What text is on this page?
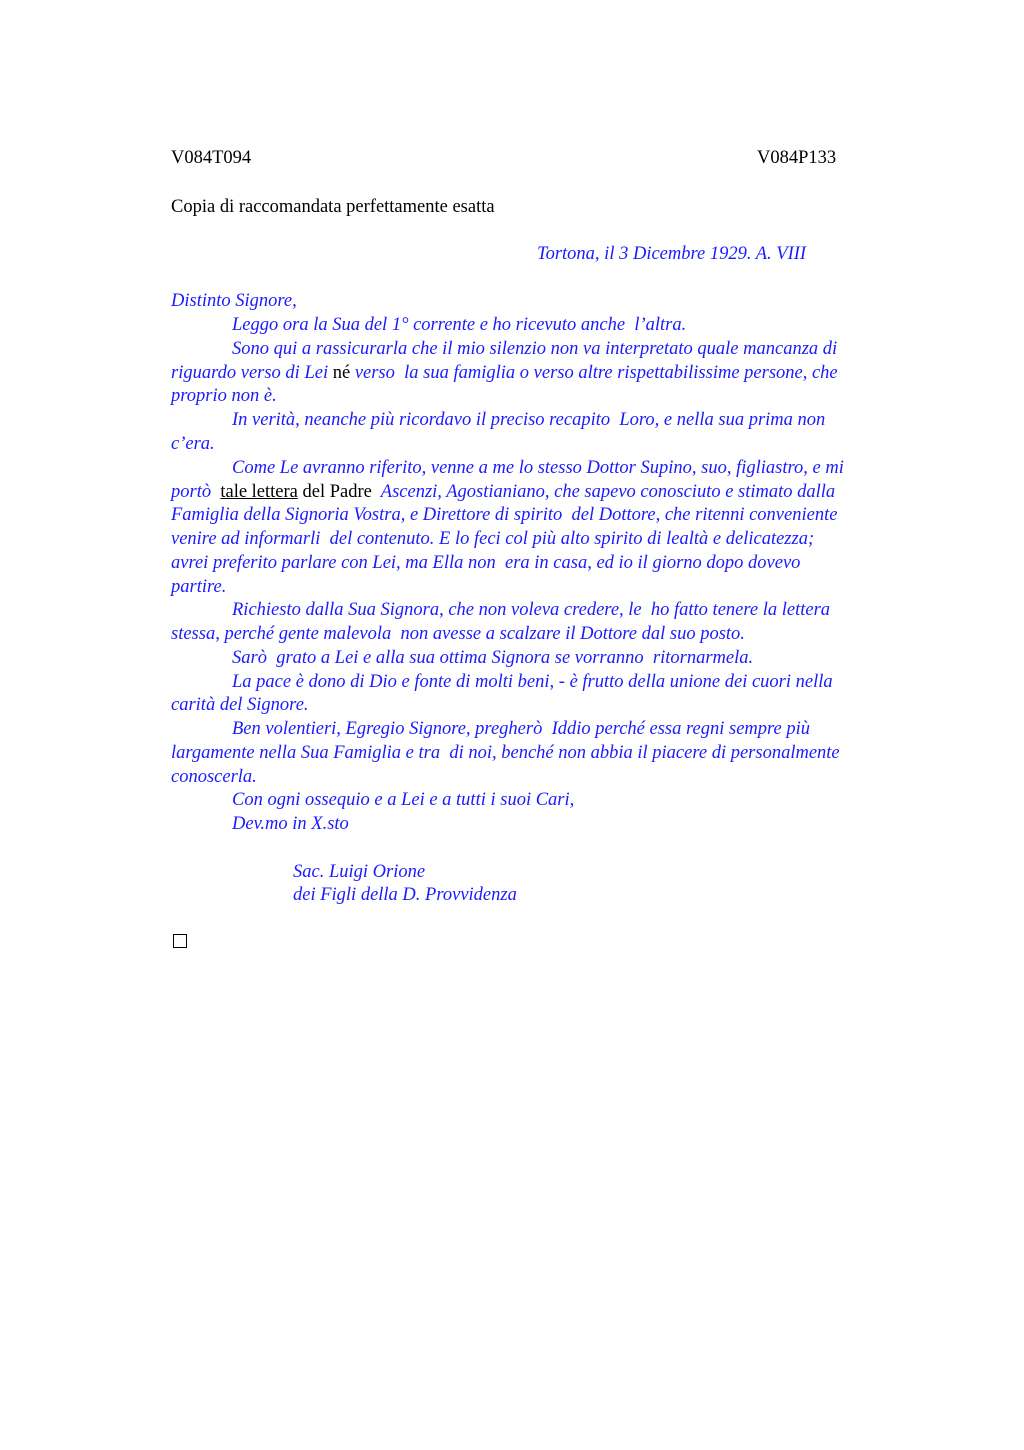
V084T094	V084P133

Copia di raccomandata perfettamente esatta

Tortona, il 3 Dicembre 1929. A. VIII

Distinto Signore,

Leggo ora la Sua del 1° corrente e ho ricevuto anche  l’altra.

Sono qui a rassicurarla che il mio silenzio non va interpretato quale mancanza di

riguardo verso di Lei né verso  la sua famiglia o verso altre rispettabilissime persone, che

proprio non è.

In verità, neanche più ricordavo il preciso recapito  Loro, e nella sua prima non

c’era.

Come Le avranno riferito, venne a me lo stesso Dottor Supino, suo, figliastro, e mi

portò  tale lettera del Padre  Ascenzi, Agostianiano, che sapevo conosciuto e stimato dalla

Famiglia della Signoria Vostra, e Direttore di spirito  del Dottore, che ritenni conveniente

venire ad informarli  del contenuto. E lo feci col più alto spirito di lealtà e delicatezza;

avrei preferito parlare con Lei, ma Ella non  era in casa, ed io il giorno dopo dovevo

partire.

Richiesto dalla Sua Signora, che non voleva credere, le  ho fatto tenere la lettera

stessa, perché gente malevola  non avesse a scalzare il Dottore dal suo posto.

Sarò  grato a Lei e alla sua ottima Signora se vorranno  ritornarmela.

La pace è dono di Dio e fonte di molti beni, - è frutto della unione dei cuori nella

carità del Signore.

Ben volentieri, Egregio Signore, pregherò  Iddio perché essa regni sempre più

largamente nella Sua Famiglia e tra  di noi, benché non abbia il piacere di personalmente

conoscerla.

Con ogni ossequio e a Lei e a tutti i suoi Cari,

Dev.mo in X.sto

Sac. Luigi Orione

dei Figli della D. Provvidenza
